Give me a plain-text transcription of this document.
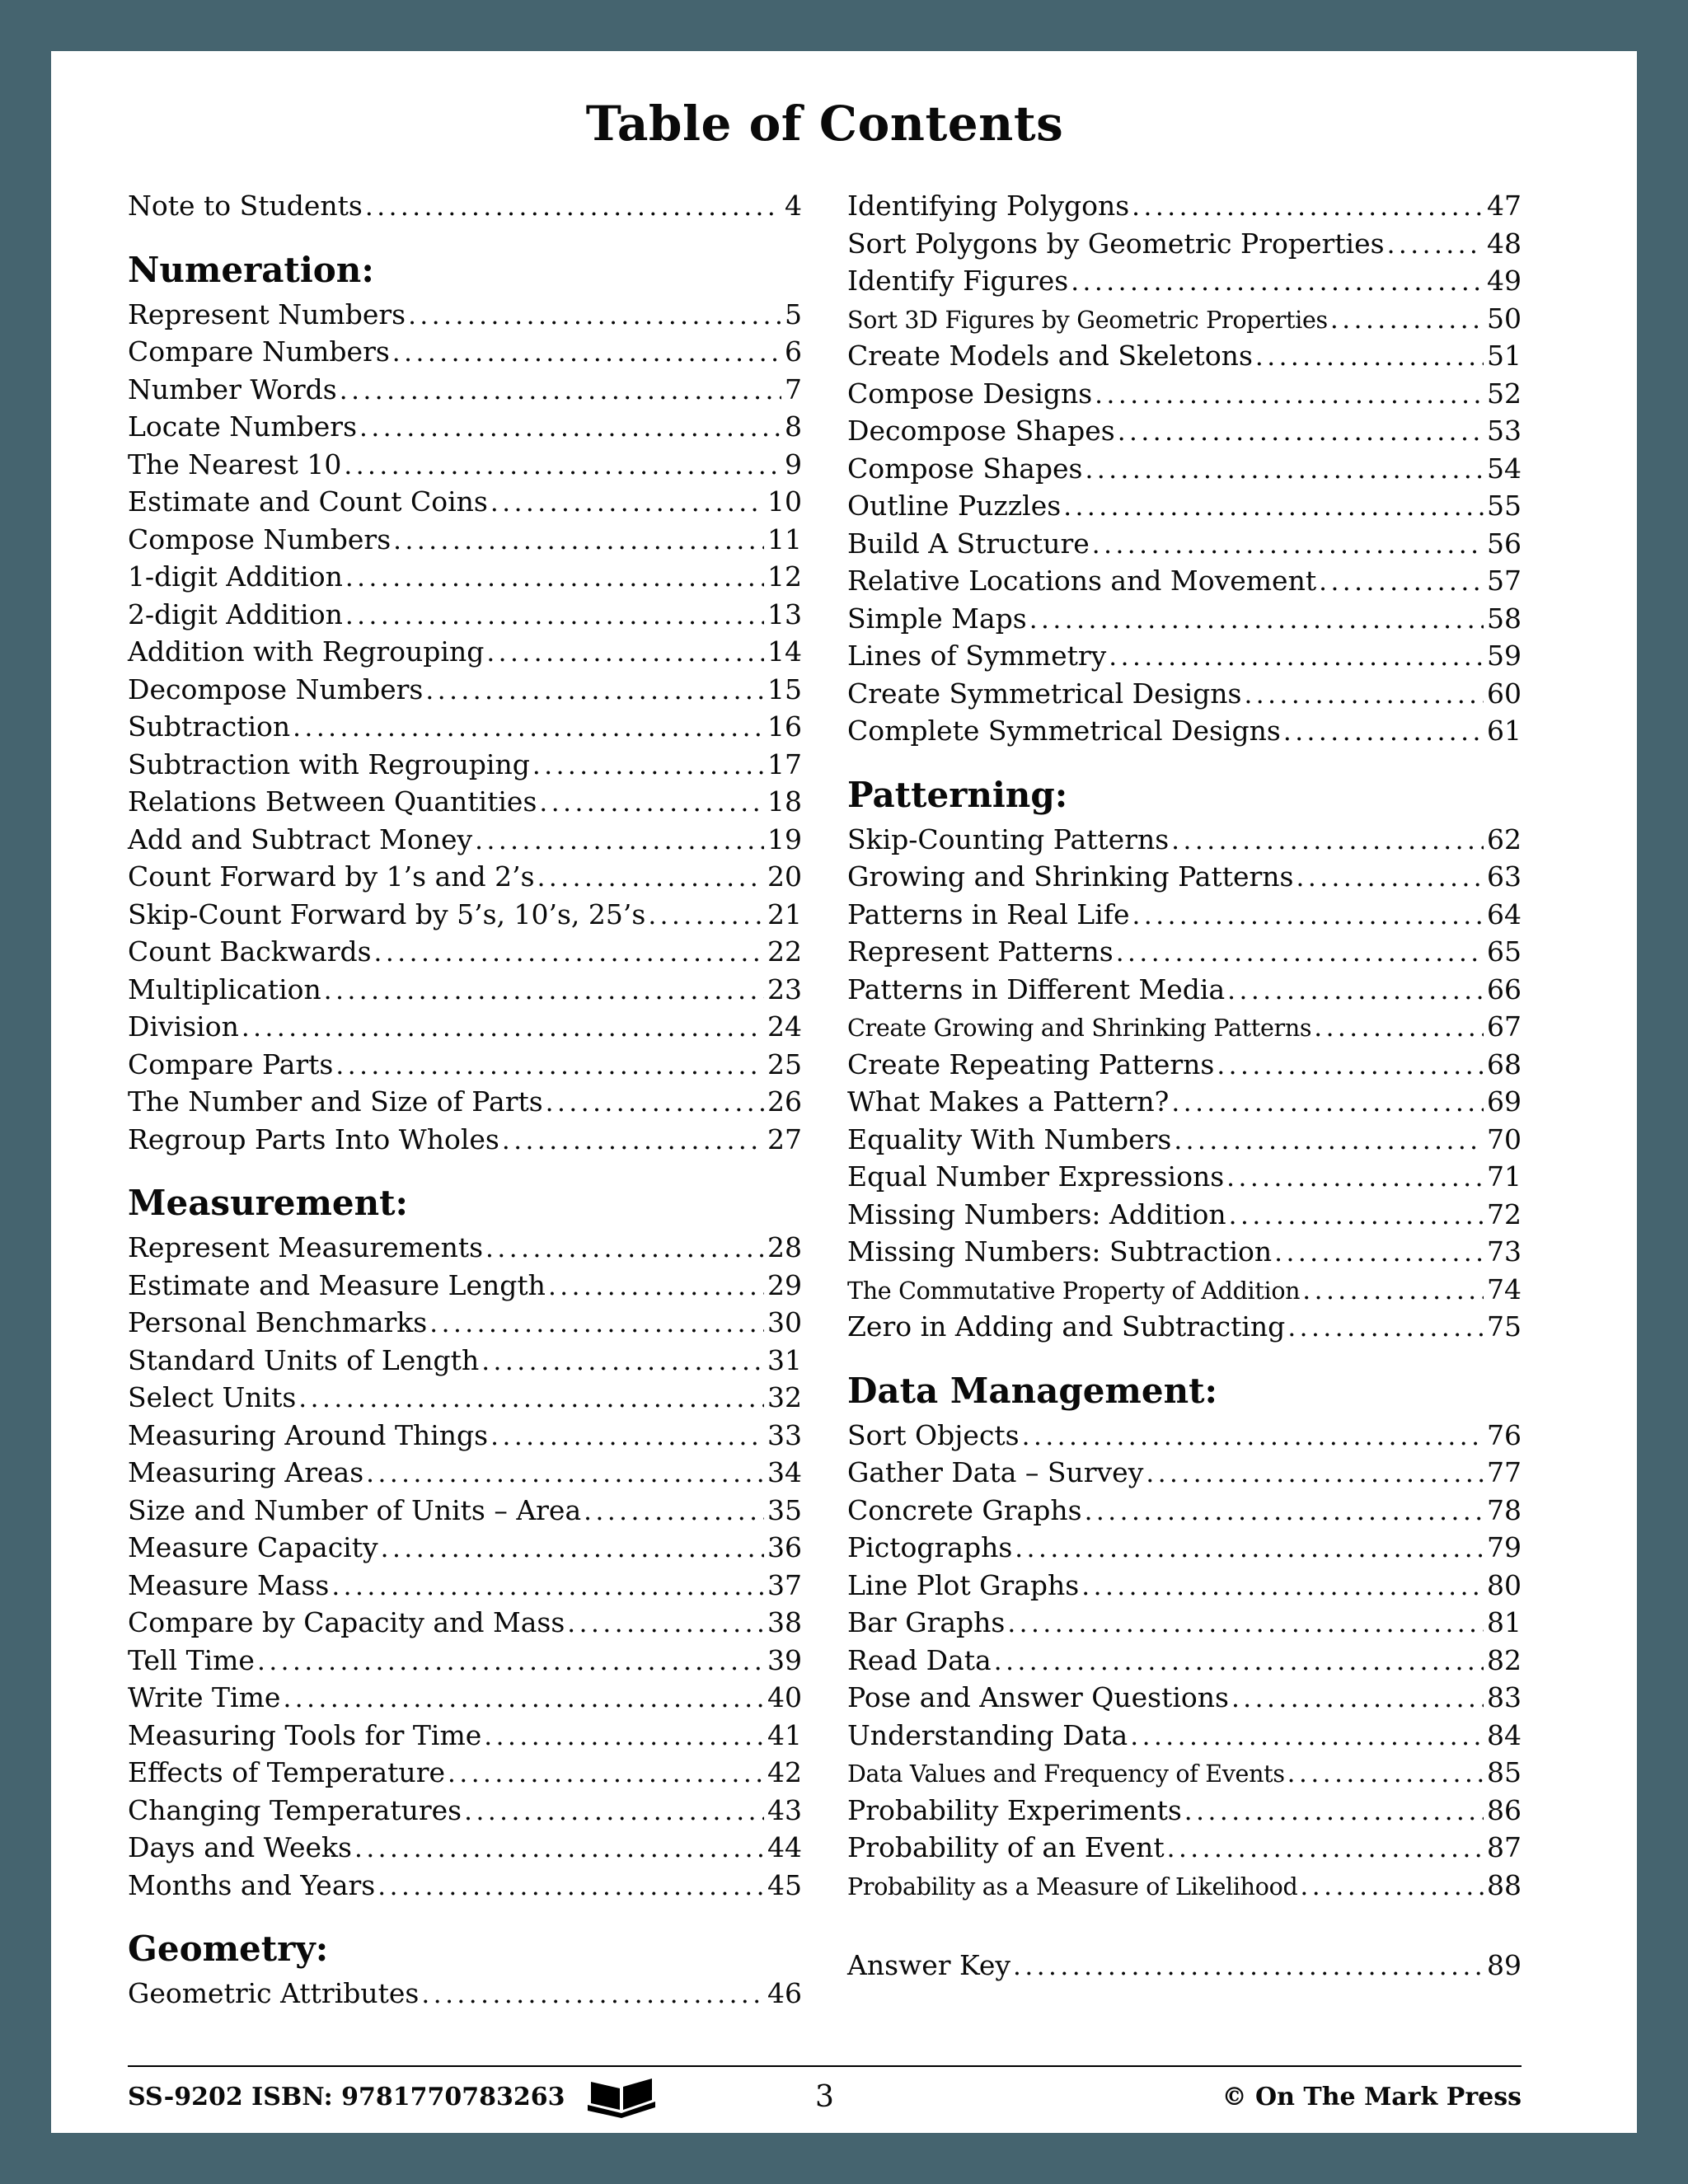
Table of Contents
Note to Students .....	4
Numeration:
Represent Numbers .....	5
Compare Numbers .....	6
Number Words .....	7
Locate Numbers .....	8
The Nearest 10 .....	9
Estimate and Count Coins .....	10
Compose Numbers .....	11
1-digit Addition .....	12
2-digit Addition .....	13
Addition with Regrouping .....	14
Decompose Numbers .....	15
Subtraction .....	16
Subtraction with Regrouping .....	17
Relations Between Quantities .....	18
Add and Subtract Money .....	19
Count Forward by 1’s and 2’s .....	20
Skip-Count Forward by 5’s, 10’s, 25’s .....	21
Count Backwards .....	22
Multiplication .....	23
Division .....	24
Compare Parts .....	25
The Number and Size of Parts .....	26
Regroup Parts Into Wholes .....	27
Measurement:
Represent Measurements .....	28
Estimate and Measure Length .....	29
Personal Benchmarks .....	30
Standard Units of Length .....	31
Select Units .....	32
Measuring Around Things .....	33
Measuring Areas .....	34
Size and Number of Units – Area .....	35
Measure Capacity .....	36
Measure Mass .....	37
Compare by Capacity and Mass .....	38
Tell Time .....	39
Write Time .....	40
Measuring Tools for Time .....	41
Effects of Temperature .....	42
Changing Temperatures .....	43
Days and Weeks .....	44
Months and Years .....	45
Geometry:
Geometric Attributes .....	46
Identifying Polygons .....	47
Sort Polygons by Geometric Properties .....	48
Identify Figures .....	49
Sort 3D Figures by Geometric Properties .....	50
Create Models and Skeletons .....	51
Compose Designs .....	52
Decompose Shapes .....	53
Compose Shapes .....	54
Outline Puzzles .....	55
Build A Structure .....	56
Relative Locations and Movement .....	57
Simple Maps .....	58
Lines of Symmetry .....	59
Create Symmetrical Designs .....	60
Complete Symmetrical Designs .....	61
Patterning:
Skip-Counting Patterns .....	62
Growing and Shrinking Patterns .....	63
Patterns in Real Life .....	64
Represent Patterns .....	65
Patterns in Different Media .....	66
Create Growing and Shrinking Patterns .....	67
Create Repeating Patterns .....	68
What Makes a Pattern? .....	69
Equality With Numbers .....	70
Equal Number Expressions .....	71
Missing Numbers: Addition .....	72
Missing Numbers: Subtraction .....	73
The Commutative Property of Addition .....	74
Zero in Adding and Subtracting .....	75
Data Management:
Sort Objects .....	76
Gather Data – Survey .....	77
Concrete Graphs .....	78
Pictographs .....	79
Line Plot Graphs .....	80
Bar Graphs .....	81
Read Data .....	82
Pose and Answer Questions .....	83
Understanding Data .....	84
Data Values and Frequency of Events .....	85
Probability Experiments .....	86
Probability of an Event .....	87
Probability as a Measure of Likelihood .....	88
Answer Key .....	89
SS-9202 ISBN: 9781770783263	3	© On The Mark Press
